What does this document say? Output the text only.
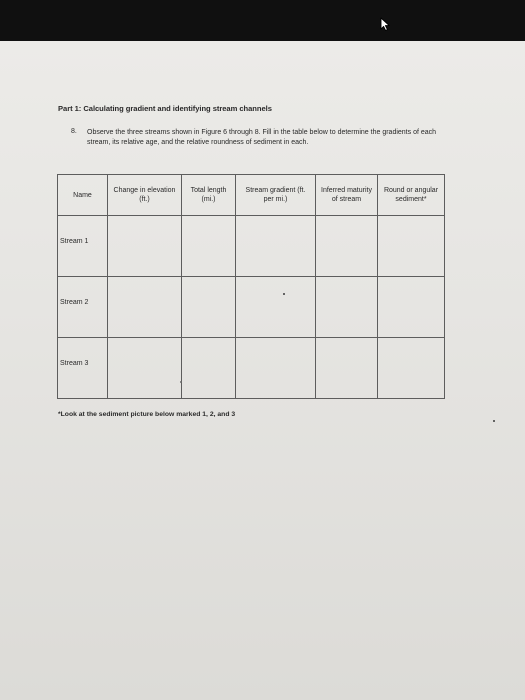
Part 1: Calculating gradient and identifying stream channels
8. Observe the three streams shown in Figure 6 through 8. Fill in the table below to determine the gradients of each stream, its relative age, and the relative roundness of sediment in each.
Name	Change in elevation (ft.)	Total length (mi.)	Stream gradient (ft. per mi.)	Inferred maturity of stream	Round or angular sediment*
Stream 1					
Stream 2					
Stream 3					
*Look at the sediment picture below marked 1, 2, and 3
